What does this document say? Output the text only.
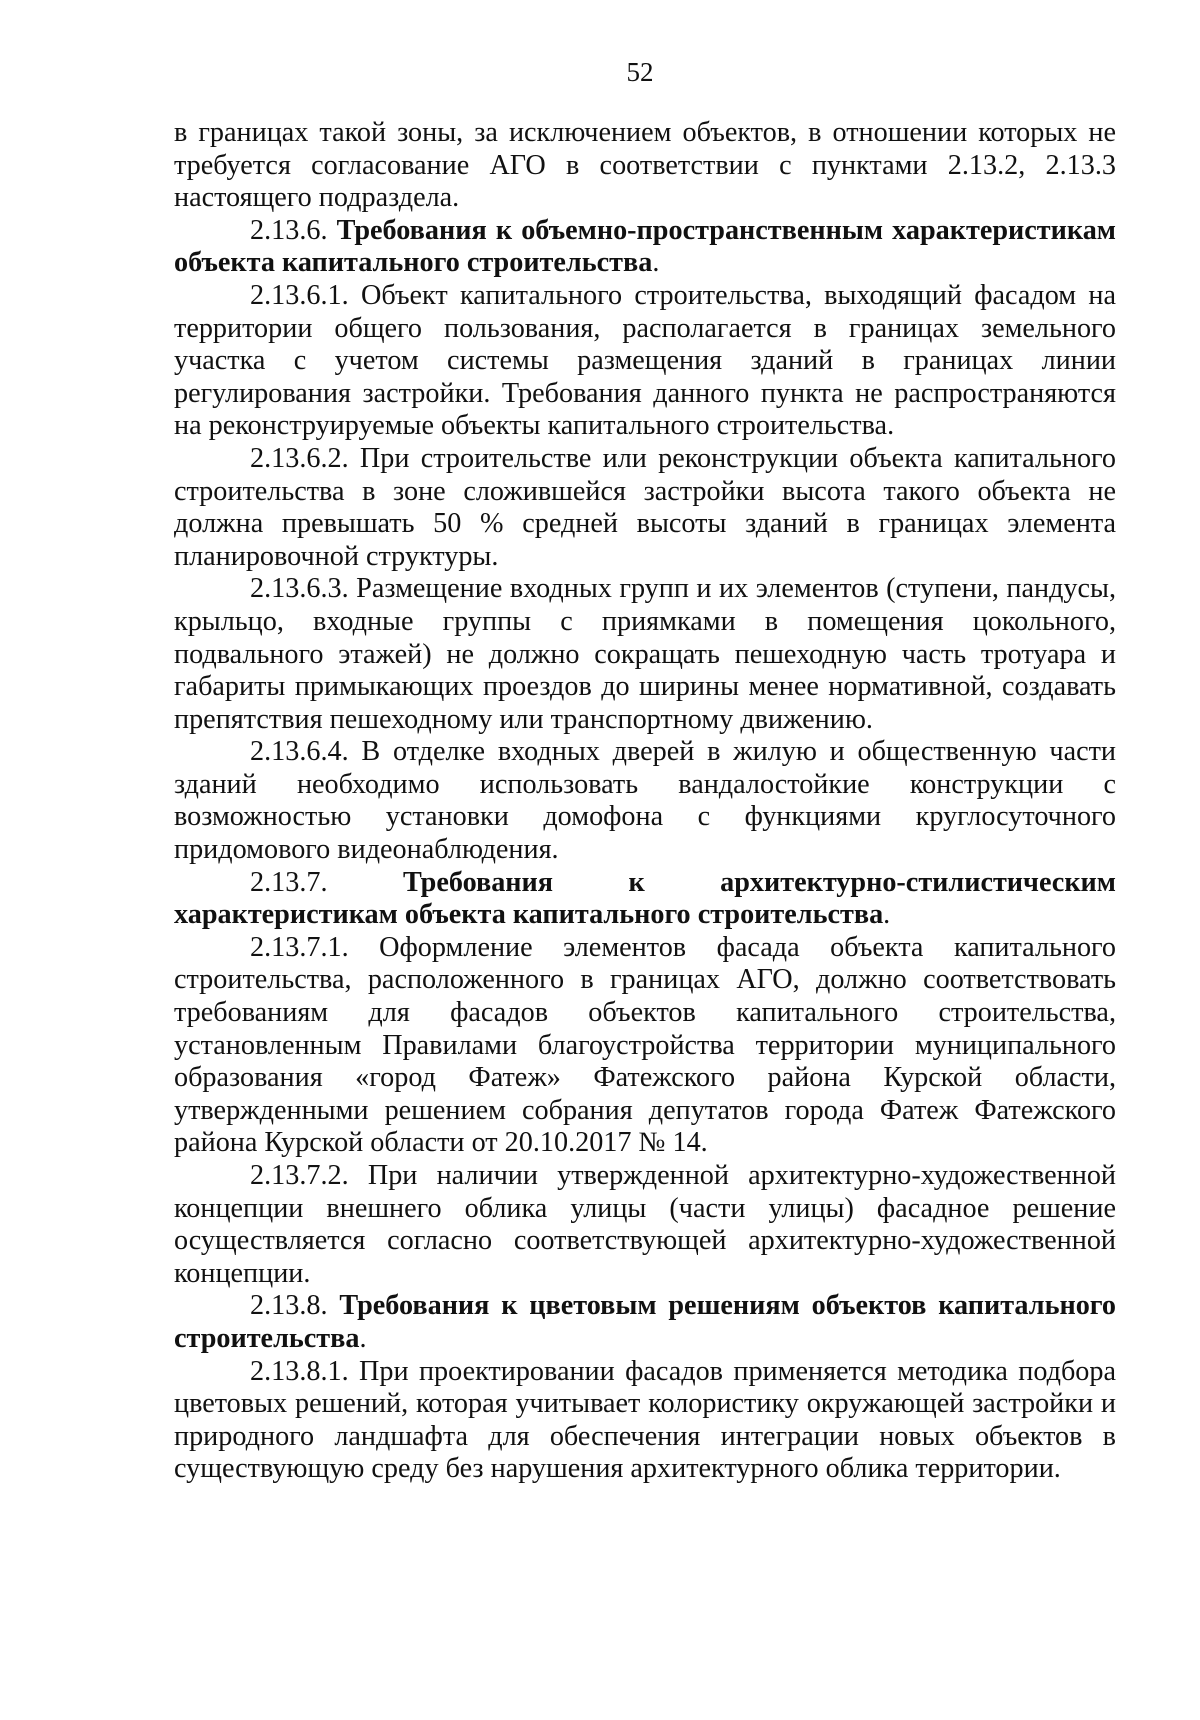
52

в границах такой зоны, за исключением объектов, в отношении которых не требуется согласование АГО в соответствии с пунктами 2.13.2, 2.13.3 настоящего подраздела.

2.13.6. Требования к объемно-пространственным характеристикам объекта капитального строительства.

2.13.6.1. Объект капитального строительства, выходящий фасадом на территории общего пользования, располагается в границах земельного участка с учетом системы размещения зданий в границах линии регулирования застройки. Требования данного пункта не распространяются на реконструируемые объекты капитального строительства.

2.13.6.2. При строительстве или реконструкции объекта капитального строительства в зоне сложившейся застройки высота такого объекта не должна превышать 50 % средней высоты зданий в границах элемента планировочной структуры.

2.13.6.3. Размещение входных групп и их элементов (ступени, пандусы, крыльцо, входные группы с приямками в помещения цокольного, подвального этажей) не должно сокращать пешеходную часть тротуара и габариты примыкающих проездов до ширины менее нормативной, создавать препятствия пешеходному или транспортному движению.

2.13.6.4. В отделке входных дверей в жилую и общественную части зданий необходимо использовать вандалостойкие конструкции с возможностью установки домофона с функциями круглосуточного придомового видеонаблюдения.

2.13.7.	Требования к архитектурно-стилистическим характеристикам объекта капитального строительства.

2.13.7.1. Оформление элементов фасада объекта капитального строительства, расположенного в границах АГО, должно соответствовать требованиям для фасадов объектов капитального строительства, установленным Правилами благоустройства территории муниципального образования «город Фатеж» Фатежского района Курской области, утвержденными решением собрания депутатов города Фатеж Фатежского района Курской области от 20.10.2017 № 14.

2.13.7.2. При наличии утвержденной архитектурно-художественной концепции внешнего облика улицы (части улицы) фасадное решение осуществляется согласно соответствующей архитектурно-художественной концепции.

2.13.8. Требования к цветовым решениям объектов капитального строительства.

2.13.8.1. При проектировании фасадов применяется методика подбора цветовых решений, которая учитывает колористику окружающей застройки и природного ландшафта для обеспечения интеграции новых объектов в существующую среду без нарушения архитектурного облика территории.
